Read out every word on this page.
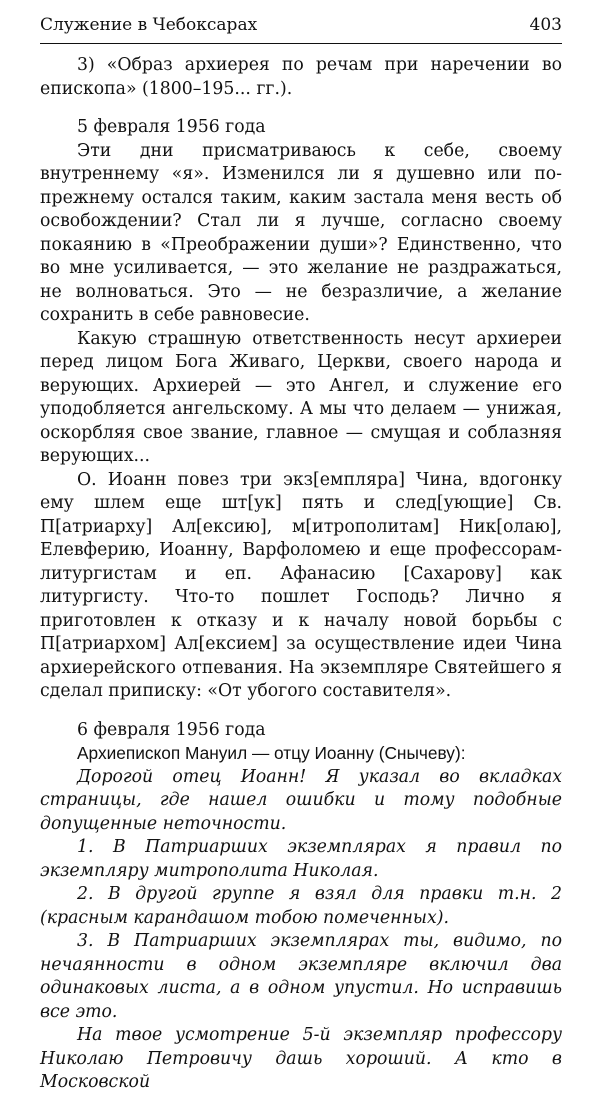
Служение в Чебоксарах	403

3) «Образ архиерея по речам при наречении во епископа» (1800–195... гг.).

5 февраля 1956 года

Эти дни присматриваюсь к себе, своему внутреннему «я». Изменился ли я душевно или по-прежнему остался таким, каким застала меня весть об освобождении? Стал ли я лучше, согласно своему покаянию в «Преображении души»? Единственно, что во мне усиливается, — это желание не раздражаться, не волноваться. Это — не безразличие, а желание сохранить в себе равновесие.

Какую страшную ответственность несут архиереи перед лицом Бога Живаго, Церкви, своего народа и верующих. Архиерей — это Ангел, и служение его уподобляется ангельскому. А мы что делаем — унижая, оскорбляя свое звание, главное — смущая и соблазняя верующих...

О. Иоанн повез три экз[емпляра] Чина, вдогонку ему шлем еще шт[ук] пять и след[ующие] Св. П[атриарху] Ал[ексию], м[итрополитам] Ник[олаю], Елевферию, Иоанну, Варфоломею и еще профессорам-литургистам и еп. Афанасию [Сахарову] как литургисту. Что-то пошлет Господь? Лично я приготовлен к отказу и к началу новой борьбы с П[атриархом] Ал[ексием] за осуществление идеи Чина архиерейского отпевания. На экземпляре Святейшего я сделал приписку: «От убогого составителя».

6 февраля 1956 года

Архиепископ Мануил — отцу Иоанну (Снычеву):

Дорогой отец Иоанн! Я указал во вкладках страницы, где нашел ошибки и тому подобные допущенные неточности.

1. В Патриарших экземплярах я правил по экземпляру митрополита Николая.

2. В другой группе я взял для правки т.н. 2 (красным карандашом тобою помеченных).

3. В Патриарших экземплярах ты, видимо, по нечаянности в одном экземпляре включил два одинаковых листа, а в одном упустил. Но исправишь все это.

На твое усмотрение 5-й экземпляр профессору Николаю Петровичу дашь хороший. А кто в Московской
